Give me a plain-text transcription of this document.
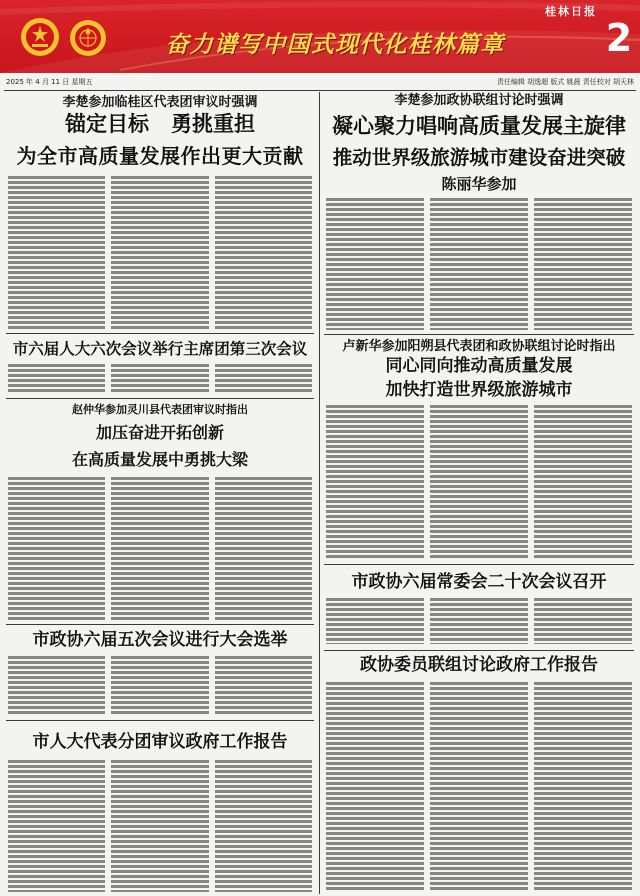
奋力谱写中国式现代化桂林篇章
桂林日报
2
2025 年 4 月 11 日 星期五	责任编辑 胡逸超 版式 姚晨 责任校对 胡天林
李楚参加临桂区代表团审议时强调
锚定目标 勇挑重担
为全市高质量发展作出更大贡献
市六届人大六次会议举行主席团第三次会议
赵仲华参加灵川县代表团审议时指出
加压奋进开拓创新
在高质量发展中勇挑大梁
市政协六届五次会议进行大会选举
市人大代表分团审议政府工作报告
李楚参加政协联组讨论时强调
凝心聚力唱响高质量发展主旋律
推动世界级旅游城市建设奋进突破
陈丽华参加
卢新华参加阳朔县代表团和政协联组讨论时指出
同心同向推动高质量发展
加快打造世界级旅游城市
市政协六届常委会二十次会议召开
政协委员联组讨论政府工作报告
